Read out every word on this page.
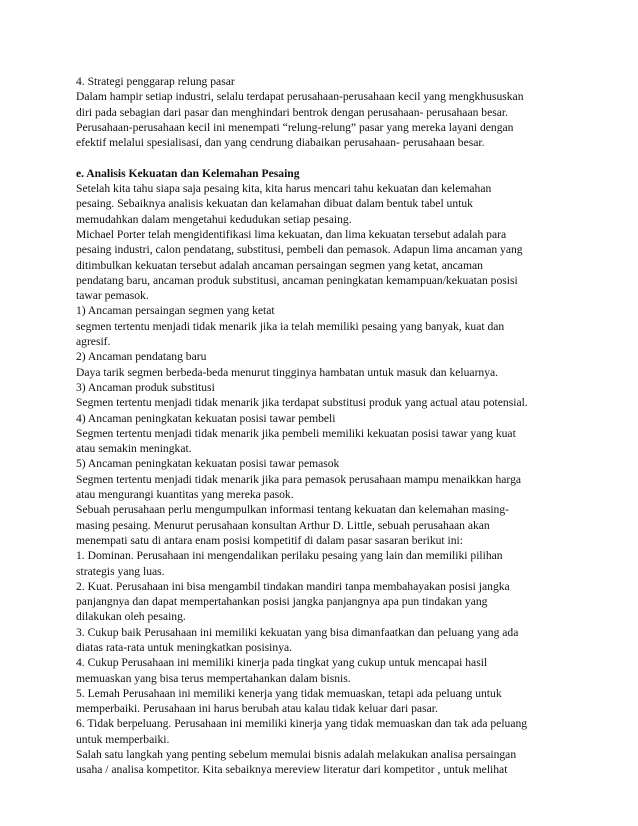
4. Strategi penggarap relung pasar
Dalam hampir setiap industri, selalu terdapat perusahaan-perusahaan kecil yang mengkhususkan
diri pada sebagian dari pasar dan menghindari bentrok dengan perusahaan- perusahaan besar.
Perusahaan-perusahaan kecil ini menempati “relung-relung” pasar yang mereka layani dengan
efektif melalui spesialisasi, dan yang cendrung diabaikan perusahaan- perusahaan besar.
e. Analisis Kekuatan dan Kelemahan Pesaing
Setelah kita tahu siapa saja pesaing kita, kita harus mencari tahu kekuatan dan kelemahan
pesaing. Sebaiknya analisis kekuatan dan kelamahan dibuat dalam bentuk tabel untuk
memudahkan dalam mengetahui kedudukan setiap pesaing.
Michael Porter telah mengidentifikasi lima kekuatan, dan lima kekuatan tersebut adalah para
pesaing industri, calon pendatang, substitusi, pembeli dan pemasok. Adapun lima ancaman yang
ditimbulkan kekuatan tersebut adalah ancaman persaingan segmen yang ketat, ancaman
pendatang baru, ancaman produk substitusi, ancaman peningkatan kemampuan/kekuatan posisi
tawar pemasok.
1) Ancaman persaingan segmen yang ketat
segmen tertentu menjadi tidak menarik jika ia telah memiliki pesaing yang banyak, kuat dan
agresif.
2) Ancaman pendatang baru
Daya tarik segmen berbeda-beda menurut tingginya hambatan untuk masuk dan keluarnya.
3) Ancaman produk substitusi
Segmen tertentu menjadi tidak menarik jika terdapat substitusi produk yang actual atau potensial.
4) Ancaman peningkatan kekuatan posisi tawar pembeli
Segmen tertentu menjadi tidak menarik jika pembeli memiliki kekuatan posisi tawar yang kuat
atau semakin meningkat.
5) Ancaman peningkatan kekuatan posisi tawar pemasok
Segmen tertentu menjadi tidak menarik jika para pemasok perusahaan mampu menaikkan harga
atau mengurangi kuantitas yang mereka pasok.
Sebuah perusahaan perlu mengumpulkan informasi tentang kekuatan dan kelemahan masing-
masing pesaing. Menurut perusahaan konsultan Arthur D. Little, sebuah perusahaan akan
menempati satu di antara enam posisi kompetitif di dalam pasar sasaran berikut ini:
1. Dominan. Perusahaan ini mengendalikan perilaku pesaing yang lain dan memiliki pilihan
strategis yang luas.
2. Kuat. Perusahaan ini bisa mengambil tindakan mandiri tanpa membahayakan posisi jangka
panjangnya dan dapat mempertahankan posisi jangka panjangnya apa pun tindakan yang
dilakukan oleh pesaing.
3. Cukup baik Perusahaan ini memiliki kekuatan yang bisa dimanfaatkan dan peluang yang ada
diatas rata-rata untuk meningkatkan posisinya.
4. Cukup Perusahaan ini memiliki kinerja pada tingkat yang cukup untuk mencapai hasil
memuaskan yang bisa terus mempertahankan dalam bisnis.
5. Lemah Perusahaan ini memiliki kenerja yang tidak memuaskan, tetapi ada peluang untuk
memperbaiki. Perusahaan ini harus berubah atau kalau tidak keluar dari pasar.
6. Tidak berpeluang. Perusahaan ini memiliki kinerja yang tidak memuaskan dan tak ada peluang
untuk memperbaiki.
Salah satu langkah yang penting sebelum memulai bisnis adalah melakukan analisa persaingan
usaha / analisa kompetitor. Kita sebaiknya mereview literatur dari kompetitor , untuk melihat
